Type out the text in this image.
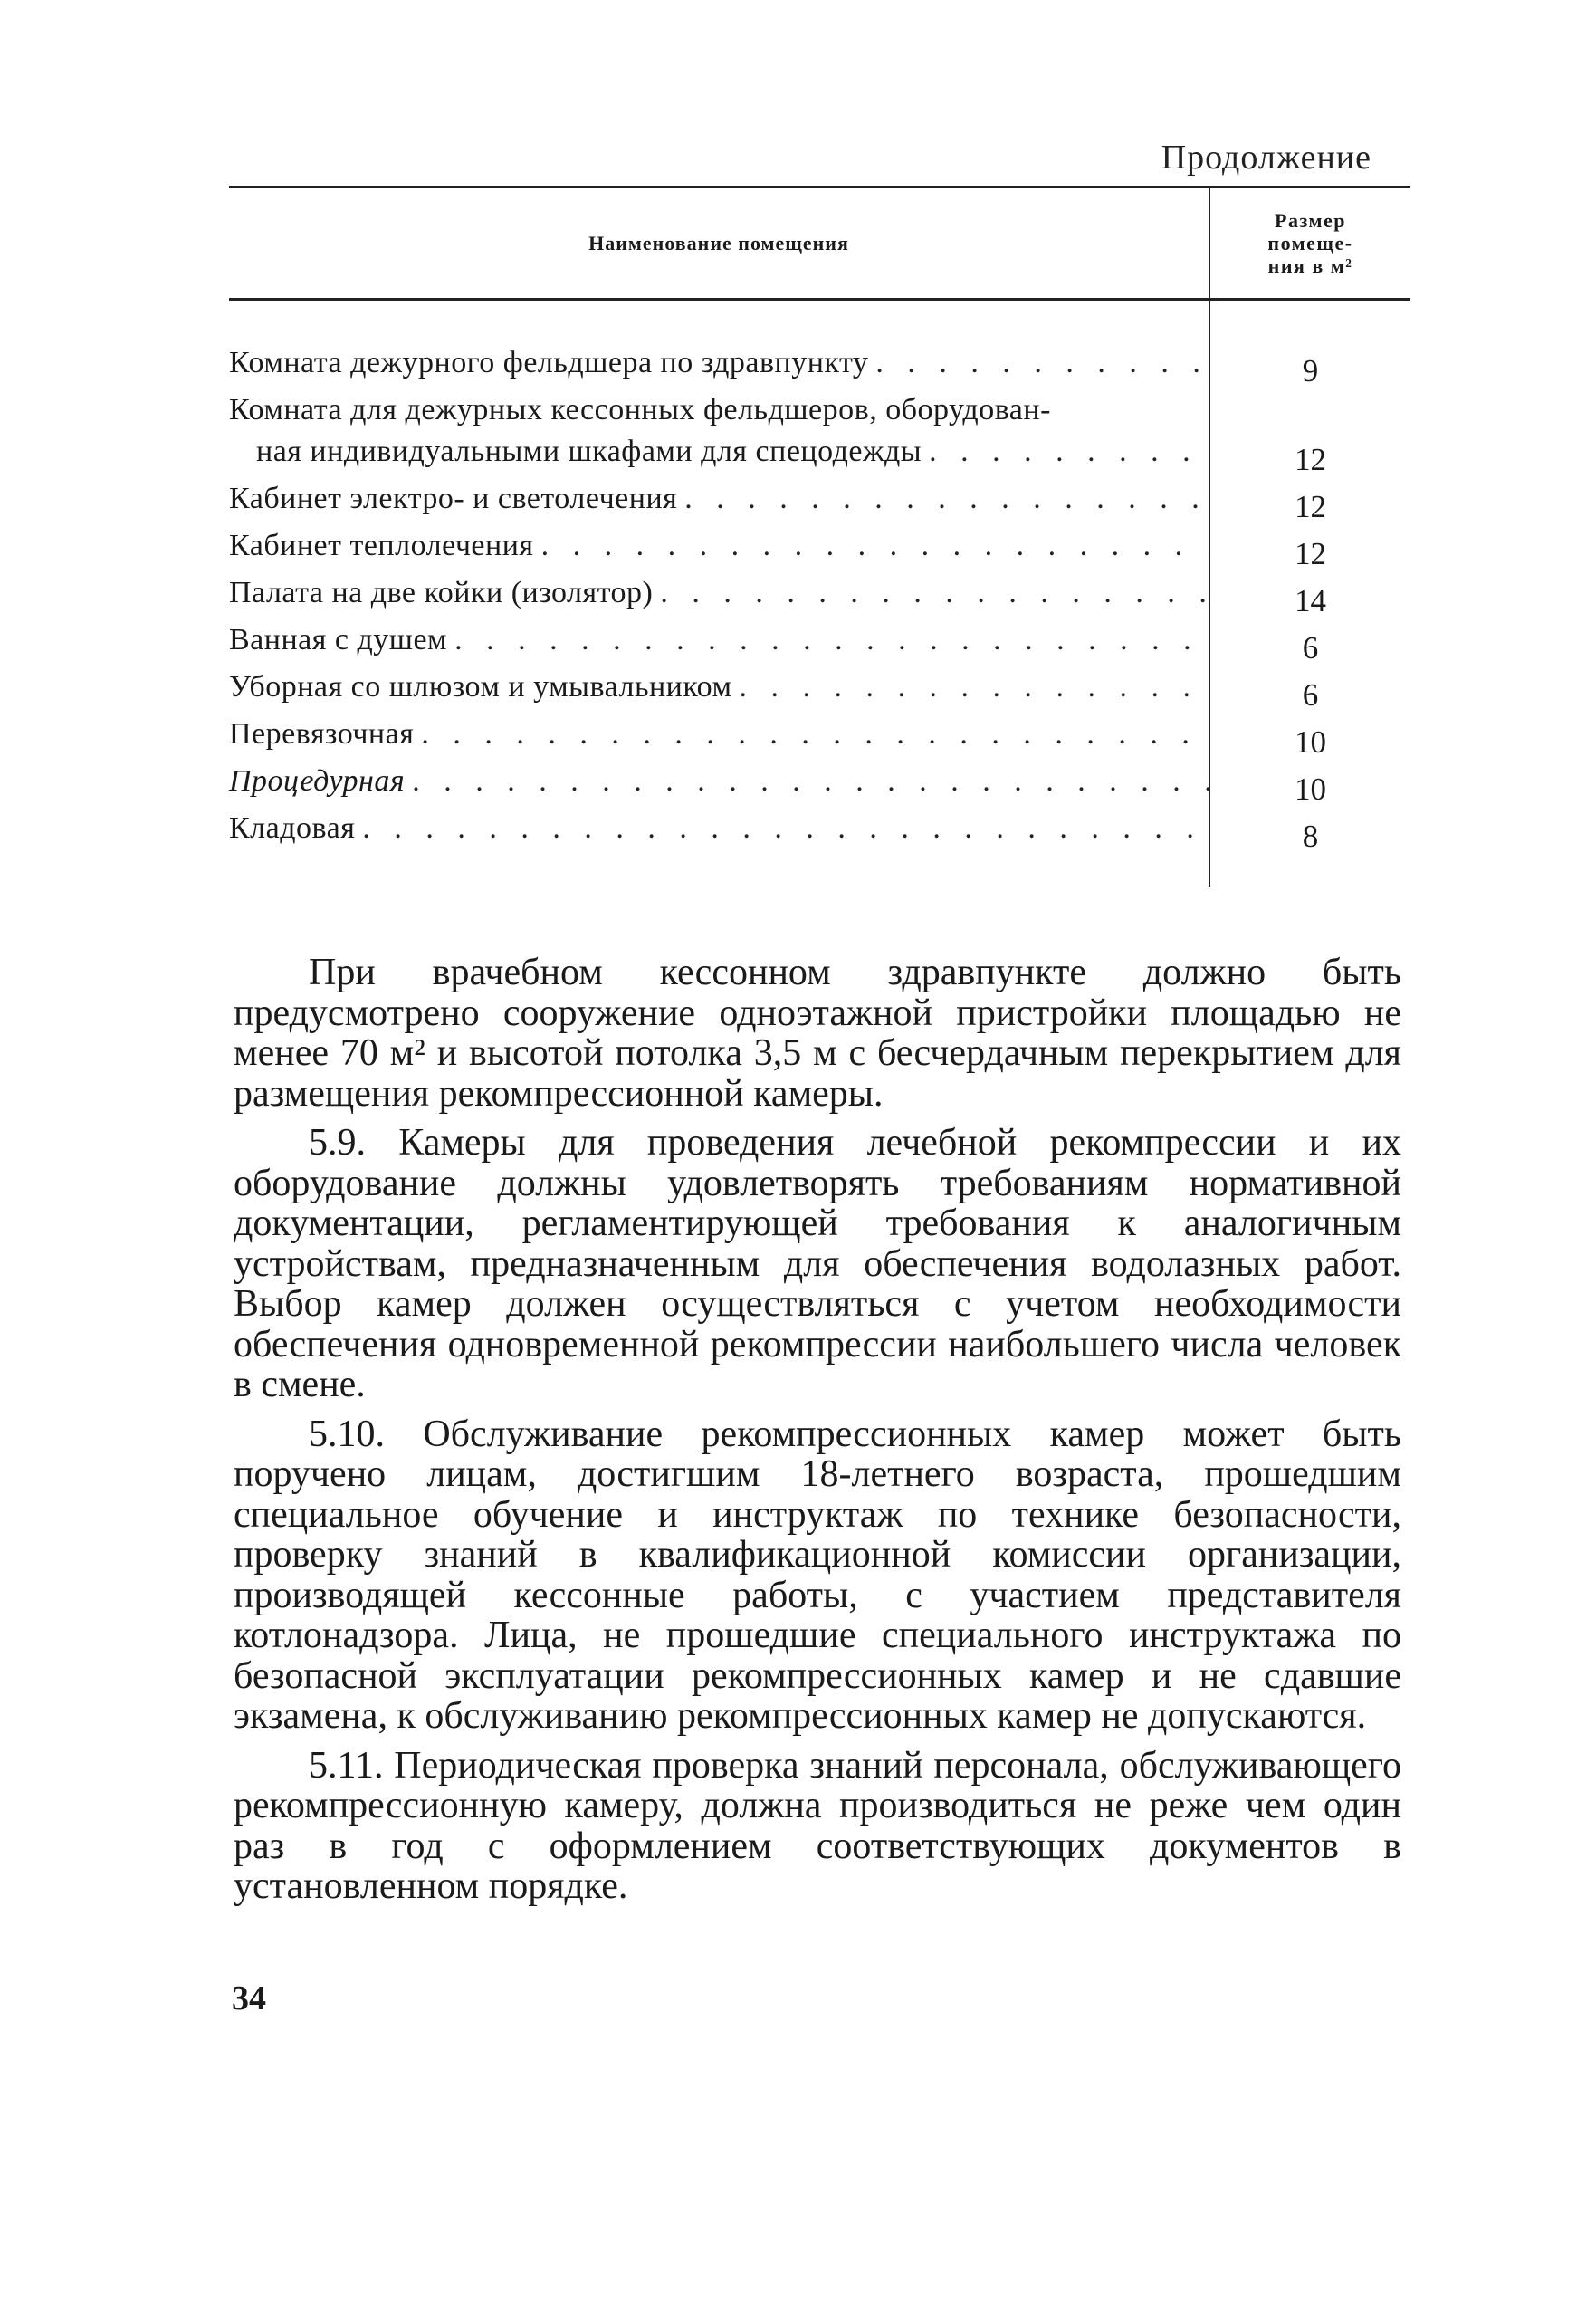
Продолжение
Наименование помещения	Размер
помеще-
ния в м²

Комната дежурного фельдшера по здравпункту
. . .	9

Комната для дежурных кессонных фельдшеров, оборудован-
ная индивидуальными шкафами для спецодежды
. . .	12

Кабинет электро- и светолечения
. . .	12

Кабинет теплолечения
. . .	12

Палата на две койки (изолятор)
. . .	14

Ванная с душем
. . .	6

Уборная со шлюзом и умывальником
. . .	6

Перевязочная
. . .	10

Процедурная
. . .	10

Кладовая
. . .	8

При врачебном кессонном здравпункте должно быть предусмотрено сооружение одноэтажной пристройки площадью не менее 70 м² и высотой потолка 3,5 м с бесчердачным перекрытием для размещения рекомпрессионной камеры.

5.9. Камеры для проведения лечебной рекомпрессии и их оборудование должны удовлетворять требованиям нормативной документации, регламентирующей требования к аналогичным устройствам, предназначенным для обеспечения водолазных работ. Выбор камер должен осуществляться с учетом необходимости обеспечения одновременной рекомпрессии наибольшего числа человек в смене.

5.10. Обслуживание рекомпрессионных камер может быть поручено лицам, достигшим 18-летнего возраста, прошедшим специальное обучение и инструктаж по технике безопасности, проверку знаний в квалификационной комиссии организации, производящей кессонные работы, с участием представителя котлонадзора. Лица, не прошедшие специального инструктажа по безопасной эксплуатации рекомпрессионных камер и не сдавшие экзамена, к обслуживанию рекомпрессионных камер не допускаются.

5.11. Периодическая проверка знаний персонала, обслуживающего рекомпрессионную камеру, должна производиться не реже чем один раз в год с оформлением соответствующих документов в установленном порядке.

34
